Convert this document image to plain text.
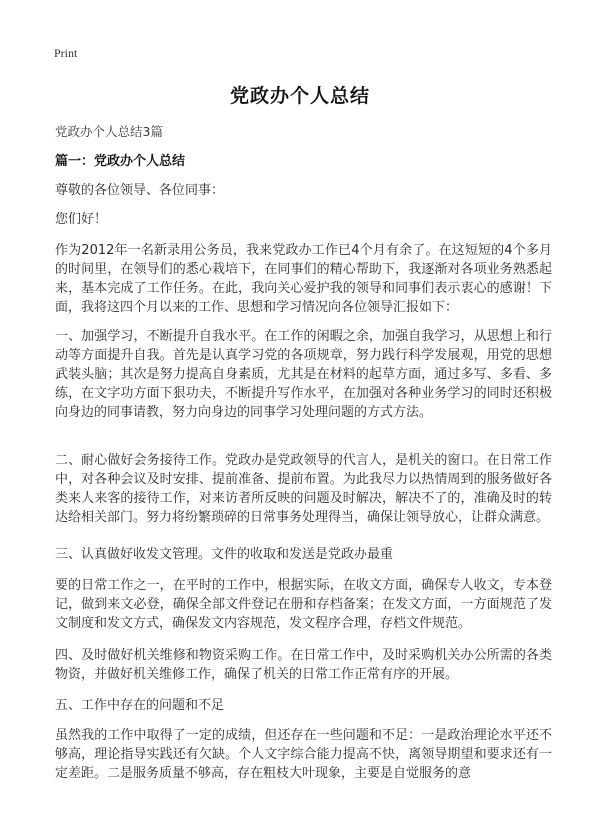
Print
党政办个人总结
党政办个人总结3篇
篇一：党政办个人总结
尊敬的各位领导、各位同事：
您们好！
作为2012年一名新录用公务员，我来党政办工作已4个月有余了。在这短短的4个多月的时间里，在领导们的悉心栽培下，在同事们的精心帮助下，我逐渐对各项业务熟悉起来，基本完成了工作任务。在此，我向关心爱护我的领导和同事们表示衷心的感谢！下面，我将这四个月以来的工作、思想和学习情况向各位领导汇报如下：
一、加强学习，不断提升自我水平。在工作的闲暇之余，加强自我学习，从思想上和行动等方面提升自我。首先是认真学习党的各项规章，努力践行科学发展观，用党的思想武装头脑；其次是努力提高自身素质，尤其是在材料的起草方面，通过多写、多看、多练，在文字功方面下狠功夫，不断提升写作水平，在加强对各种业务学习的同时还积极向身边的同事请教，努力向身边的同事学习处理问题的方式方法。
二、耐心做好会务接待工作。党政办是党政领导的代言人，是机关的窗口。在日常工作中，对各种会议及时安排、提前准备、提前布置。为此我尽力以热情周到的服务做好各类来人来客的接待工作，对来访者所反映的问题及时解决，解决不了的，准确及时的转达给相关部门。努力将纷繁琐碎的日常事务处理得当，确保让领导放心，让群众满意。
三、认真做好收发文管理。文件的收取和发送是党政办最重
要的日常工作之一，在平时的工作中，根据实际，在收文方面，确保专人收文，专本登记，做到来文必登，确保全部文件登记在册和存档备案；在发文方面，一方面规范了发文制度和发文方式，确保发文内容规范，发文程序合理，存档文件规范。
四、及时做好机关维修和物资采购工作。在日常工作中，及时采购机关办公所需的各类物资，并做好机关维修工作，确保了机关的日常工作正常有序的开展。
五、工作中存在的问题和不足
虽然我的工作中取得了一定的成绩，但还存在一些问题和不足：一是政治理论水平还不够高，理论指导实践还有欠缺。个人文字综合能力提高不快，离领导期望和要求还有一定差距。二是服务质量不够高，存在粗枝大叶现象，主要是自觉服务的意
